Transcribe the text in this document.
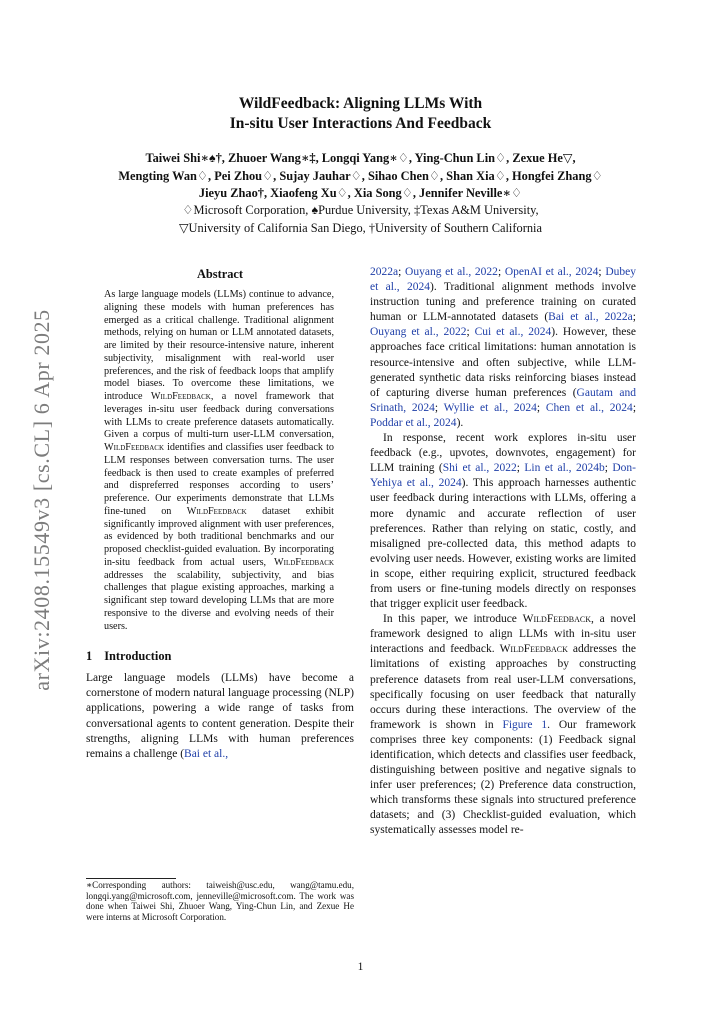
arXiv:2408.15549v3 [cs.CL] 6 Apr 2025
WildFeedback: Aligning LLMs With
In-situ User Interactions And Feedback
Taiwei Shi∗♠†, Zhuoer Wang∗‡, Longqi Yang∗♢, Ying-Chun Lin♢, Zexue He▽,
Mengting Wan♢, Pei Zhou♢, Sujay Jauhar♢, Sihao Chen♢, Shan Xia♢, Hongfei Zhang♢
Jieyu Zhao†, Xiaofeng Xu♢, Xia Song♢, Jennifer Neville∗♢
♢Microsoft Corporation, ♠Purdue University, ‡Texas A&M University,
▽University of California San Diego, †University of Southern California
Abstract

As large language models (LLMs) continue to advance, aligning these models with human preferences has emerged as a critical challenge. Traditional alignment methods, relying on human or LLM annotated datasets, are limited by their resource-intensive nature, inherent subjectivity, misalignment with real-world user preferences, and the risk of feedback loops that amplify model biases. To overcome these limitations, we introduce WildFeedback, a novel framework that leverages in-situ user feedback during conversations with LLMs to create preference datasets automatically. Given a corpus of multi-turn user-LLM conversation, WildFeedback identifies and classifies user feedback to LLM responses between conversation turns. The user feedback is then used to create examples of preferred and dispreferred responses according to users’ preference. Our experiments demonstrate that LLMs fine-tuned on WildFeedback dataset exhibit significantly improved alignment with user preferences, as evidenced by both traditional benchmarks and our proposed checklist-guided evaluation. By incorporating in-situ feedback from actual users, WildFeedback addresses the scalability, subjectivity, and bias challenges that plague existing approaches, marking a significant step toward developing LLMs that are more responsive to the diverse and evolving needs of their users.

1 Introduction

Large language models (LLMs) have become a cornerstone of modern natural language processing (NLP) applications, powering a wide range of tasks from conversational agents to content generation. Despite their strengths, aligning LLMs with human preferences remains a challenge (Bai et al.,

∗Corresponding authors: taiweish@usc.edu, wang@tamu.edu, longqi.yang@microsoft.com, jenneville@microsoft.com. The work was done when Taiwei Shi, Zhuoer Wang, Ying-Chun Lin, and Zexue He were interns at Microsoft Corporation.

2022a; Ouyang et al., 2022; OpenAI et al., 2024; Dubey et al., 2024). Traditional alignment methods involve instruction tuning and preference training on curated human or LLM-annotated datasets (Bai et al., 2022a; Ouyang et al., 2022; Cui et al., 2024). However, these approaches face critical limitations: human annotation is resource-intensive and often subjective, while LLM-generated synthetic data risks reinforcing biases instead of capturing diverse human preferences (Gautam and Srinath, 2024; Wyllie et al., 2024; Chen et al., 2024; Poddar et al., 2024).

In response, recent work explores in-situ user feedback (e.g., upvotes, downvotes, engagement) for LLM training (Shi et al., 2022; Lin et al., 2024b; Don-Yehiya et al., 2024). This approach harnesses authentic user feedback during interactions with LLMs, offering a more dynamic and accurate reflection of user preferences. Rather than relying on static, costly, and misaligned pre-collected data, this method adapts to evolving user needs. However, existing works are limited in scope, either requiring explicit, structured feedback from users or fine-tuning models directly on responses that trigger explicit user feedback.

In this paper, we introduce WildFeedback, a novel framework designed to align LLMs with in-situ user interactions and feedback. WildFeedback addresses the limitations of existing approaches by constructing preference datasets from real user-LLM conversations, specifically focusing on user feedback that naturally occurs during these interactions. The overview of the framework is shown in Figure 1. Our framework comprises three key components: (1) Feedback signal identification, which detects and classifies user feedback, distinguishing between positive and negative signals to infer user preferences; (2) Preference data construction, which transforms these signals into structured preference datasets; and (3) Checklist-guided evaluation, which systematically assesses model re-

1
